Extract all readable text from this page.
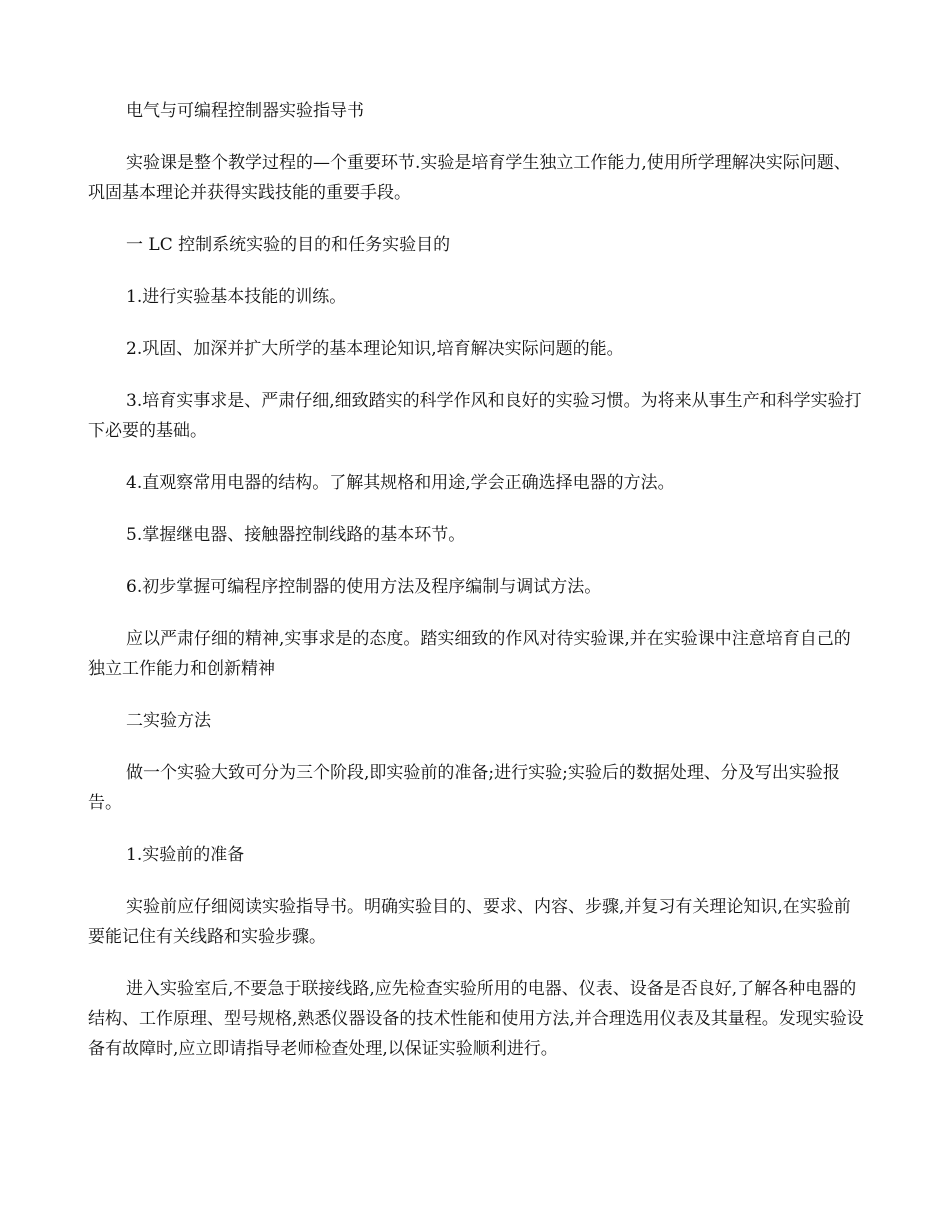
电气与可编程控制器实验指导书

实验课是整个教学过程的—个重要环节.实验是培育学生独立工作能力,使用所学理解决实际问题、巩固基本理论并获得实践技能的重要手段。

一 LC 控制系统实验的目的和任务实验目的

1.进行实验基本技能的训练。

2.巩固、加深并扩大所学的基本理论知识,培育解决实际问题的能。

3.培育实事求是、严肃仔细,细致踏实的科学作风和良好的实验习惯。为将来从事生产和科学实验打下必要的基础。

4.直观察常用电器的结构。了解其规格和用途,学会正确选择电器的方法。

5.掌握继电器、接触器控制线路的基本环节。

6.初步掌握可编程序控制器的使用方法及程序编制与调试方法。

应以严肃仔细的精神,实事求是的态度。踏实细致的作风对待实验课,并在实验课中注意培育自己的独立工作能力和创新精神

二实验方法

做一个实验大致可分为三个阶段,即实验前的准备;进行实验;实验后的数据处理、分及写出实验报告。

1.实验前的准备

实验前应仔细阅读实验指导书。明确实验目的、要求、内容、步骤,并复习有关理论知识,在实验前要能记住有关线路和实验步骤。

进入实验室后,不要急于联接线路,应先检查实验所用的电器、仪表、设备是否良好,了解各种电器的结构、工作原理、型号规格,熟悉仪器设备的技术性能和使用方法,并合理选用仪表及其量程。发现实验设备有故障时,应立即请指导老师检查处理,以保证实验顺利进行。
